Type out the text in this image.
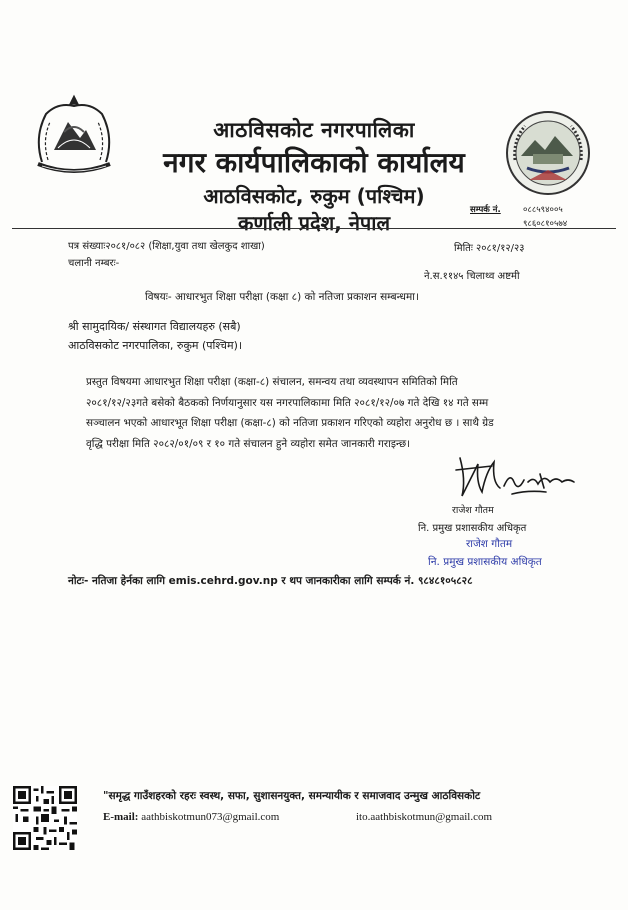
आठविसकोट नगरपालिका
नगर कार्यपालिकाको कार्यालय
आठविसकोट, रुकुम (पश्चिम)
कर्णाली प्रदेश, नेपाल
सम्पर्क नं.	०८८५९४००५
९८६०८१०५७४
पत्र संख्याः२०८१/०८२ (शिक्षा,युवा तथा खेलकुद शाखा)	मितिः २०८१/१२/२३
चलानी नम्बरः-
ने.स.११४५ चिलाथ्व अष्टमी
विषयः- आधारभुत शिक्षा परीक्षा (कक्षा ८) को नतिजा प्रकाशन सम्बन्धमा।
श्री सामुदायिक/ संस्थागत विद्यालयहरु (सबै)
आठविसकोट नगरपालिका, रुकुम (पश्चिम)।
प्रस्तुत विषयमा आधारभुत शिक्षा परीक्षा (कक्षा-८) संचालन, समन्वय तथा व्यवस्थापन समितिको मिति
२०८१/१२/२३गते बसेको बैठकको निर्णयानुसार यस नगरपालिकामा मिति २०८१/१२/०७ गते देखि १४ गते सम्म
सञ्चालन भएको आधारभूत शिक्षा परीक्षा (कक्षा-८) को नतिजा प्रकाशन गरिएको व्यहोरा अनुरोध छ । साथै ग्रेड
वृद्धि परीक्षा मिति २०८२/०१/०९ र १० गते संचालन हुने व्यहोरा समेत जानकारी गराइन्छ।
राजेश गौतम
नि. प्रमुख प्रशासकीय अधिकृत
राजेश गौतम
नि. प्रमुख प्रशासकीय अधिकृत
नोटः- नतिजा हेर्नका लागि emis.cehrd.gov.np र थप जानकारीका लागि सम्पर्क नं. ९८४८१०५८२८
"समृद्ध गाउँशहरको रहरः स्वस्थ, सफा, सुशासनयुक्त, समन्यायीक र समाजवाद उन्मुख आठविसकोट
E-mail: aathbiskotmun073@gmail.com	ito.aathbiskotmun@gmail.com
